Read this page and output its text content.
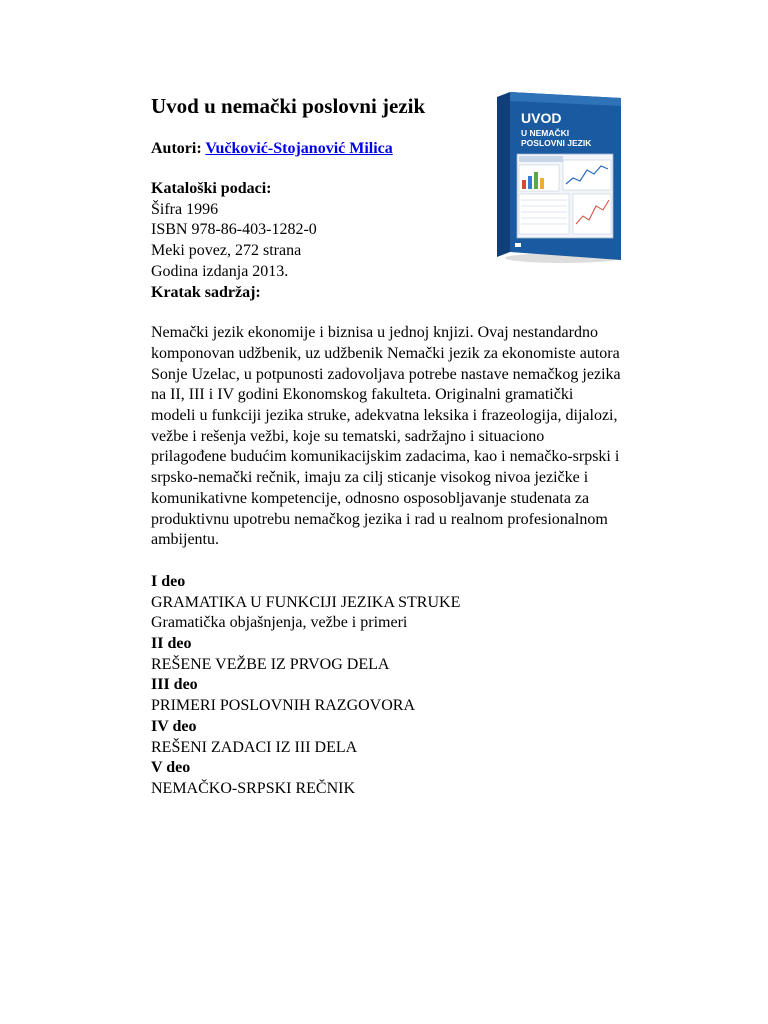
Uvod u nemački poslovni jezik
Autori: Vučković-Stojanović Milica
Kataloški podaci:
Šifra 1996
ISBN 978-86-403-1282-0
Meki povez, 272 strana
Godina izdanja 2013.
Kratak sadržaj:
Nemački jezik ekonomije i biznisa u jednoj knjizi. Ovaj nestandardno komponovan udžbenik, uz udžbenik Nemački jezik za ekonomiste autora Sonje Uzelac, u potpunosti zadovoljava potrebe nastave nemačkog jezika na II, III i IV godini Ekonomskog fakulteta. Originalni gramatički modeli u funkciji jezika struke, adekvatna leksika i frazeologija, dijalozi, vežbe i rešenja vežbi, koje su tematski, sadržajno i situaciono prilagođene budućim komunikacijskim zadacima, kao i nemačko-srpski i srpsko-nemački rečnik, imaju za cilj sticanje visokog nivoa jezičke i komunikativne kompetencije, odnosno osposobljavanje studenata za produktivnu upotrebu nemačkog jezika i rad u realnom profesionalnom ambijentu.
I deo
GRAMATIKA U FUNKCIJI JEZIKA STRUKE
Gramatička objašnjenja, vežbe i primeri
II deo
REŠENE VEŽBE IZ PRVOG DELA
III deo
PRIMERI POSLOVNIH RAZGOVORA
IV deo
REŠENI ZADACI IZ III DELA
V deo
NEMAČKO-SRPSKI REČNIK
UVOD
U NEMAČKI
POSLOVNI JEZIK
